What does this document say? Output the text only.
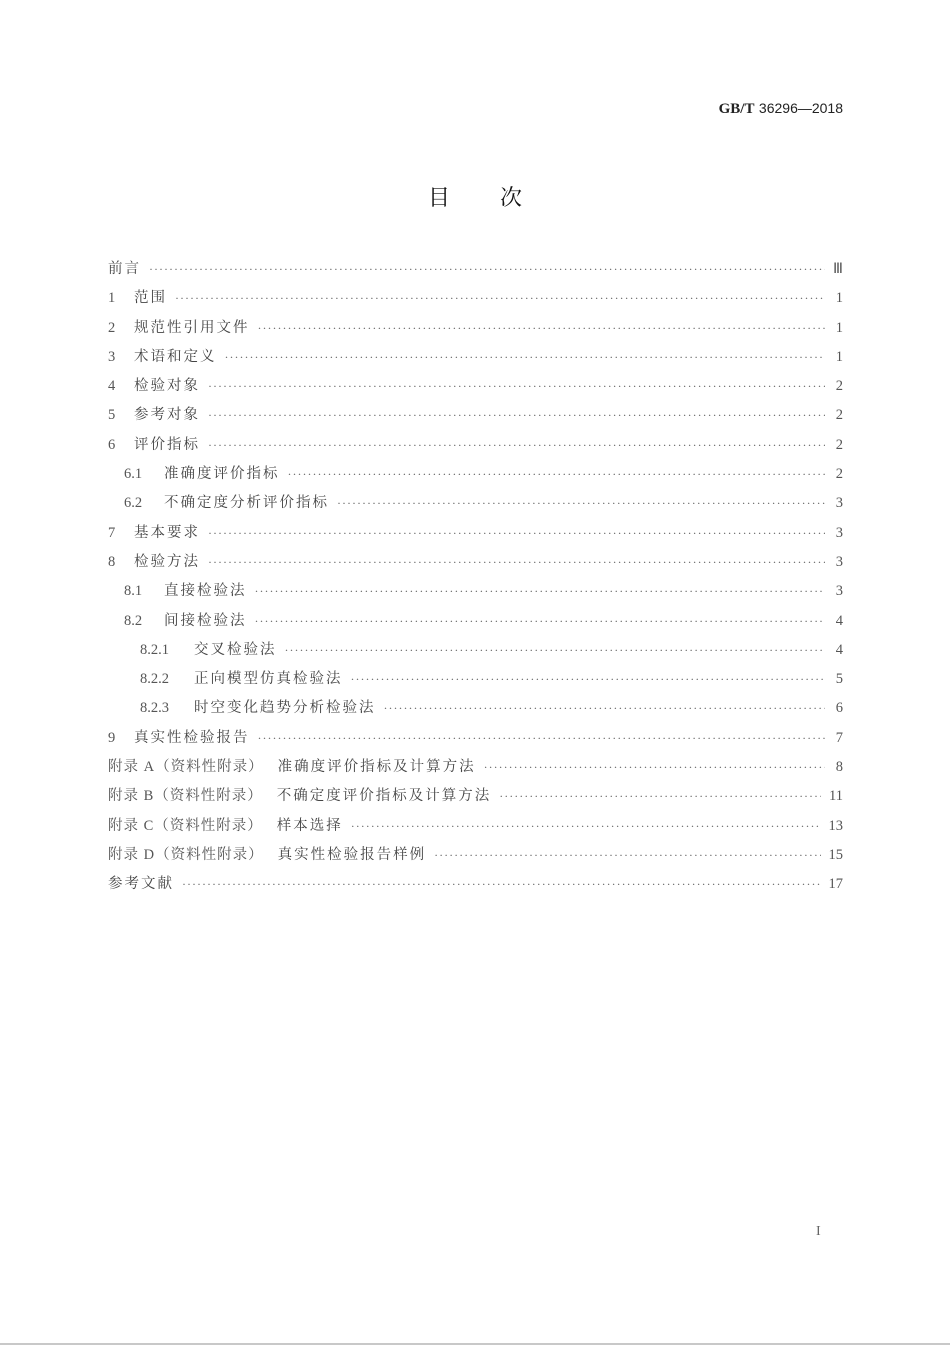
GB/T 36296—2018
目 次
前言 ·····	Ⅲ
1	范围 ·····	1
2	规范性引用文件 ·····	1
3	术语和定义 ·····	1
4	检验对象 ·····	2
5	参考对象 ·····	2
6	评价指标 ·····	2
6.1	准确度评价指标 ·····	2
6.2	不确定度分析评价指标 ·····	3
7	基本要求 ·····	3
8	检验方法 ·····	3
8.1	直接检验法 ·····	3
8.2	间接检验法 ·····	4
8.2.1	交叉检验法 ·····	4
8.2.2	正向模型仿真检验法 ·····	5
8.2.3	时空变化趋势分析检验法 ·····	6
9	真实性检验报告 ·····	7
附录 A（资料性附录） 准确度评价指标及计算方法 ·····	8
附录 B（资料性附录） 不确定度评价指标及计算方法 ·····	11
附录 C（资料性附录） 样本选择 ·····	13
附录 D（资料性附录） 真实性检验报告样例 ·····	15
参考文献 ·····	17
I
